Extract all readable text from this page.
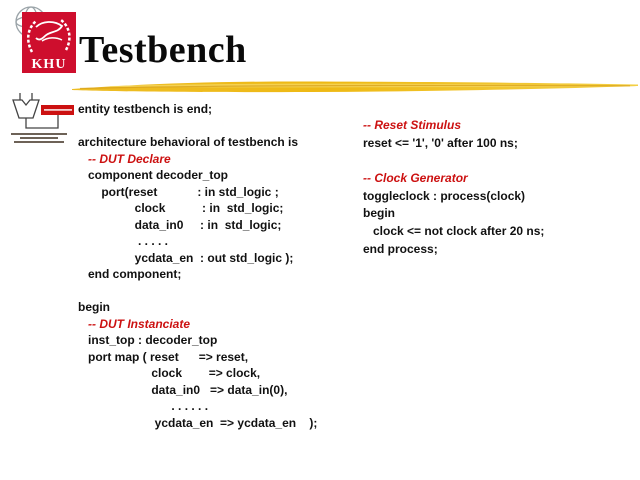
KHU Testbench
entity testbench is end;

architecture behavioral of testbench is
-- DUT Declare
component decoder_top
port(reset            : in std_logic ;
clock           : in  std_logic;
data_in0     : in  std_logic;
. . . . .
ycdata_en  : out std_logic );
end component;

begin
-- DUT Instanciate
inst_top : decoder_top
port map ( reset      => reset,
clock        => clock,
data_in0   => data_in(0),
. . . . . .
ycdata_en  => ycdata_en    );
-- Reset Stimulus
reset <= '1', '0' after 100 ns;

-- Clock Generator
toggleclock : process(clock)
begin
clock <= not clock after 20 ns;
end process;
